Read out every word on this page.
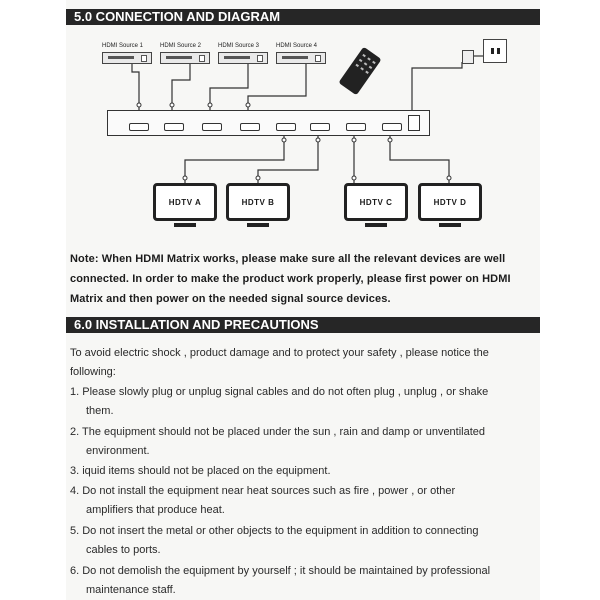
5.0 CONNECTION AND DIAGRAM
HDMI Source 1	HDMI Source 2	HDMI Source 3	HDMI Source 4
HDTV A	HDTV B	HDTV C	HDTV D
Note: When HDMI Matrix works, please make sure all the relevant devices are well connected. In order to make the product work properly, please first power on HDMI Matrix and then power on the needed signal source devices.
6.0 INSTALLATION AND PRECAUTIONS
To avoid electric shock , product damage and to protect your safety , please notice the
following:
1. Please slowly plug or unplug signal cables and do not often plug , unplug , or shake
them.
2. The equipment should not be placed under the sun , rain and damp or unventilated
environment.
3. iquid items should not be placed on the equipment.
4. Do not install the equipment near heat sources such as fire , power , or other
amplifiers that produce heat.
5. Do not insert the metal or other objects to the equipment in addition to connecting
cables to ports.
6. Do not demolish the equipment by yourself ; it should be maintained by professional
maintenance staff.
